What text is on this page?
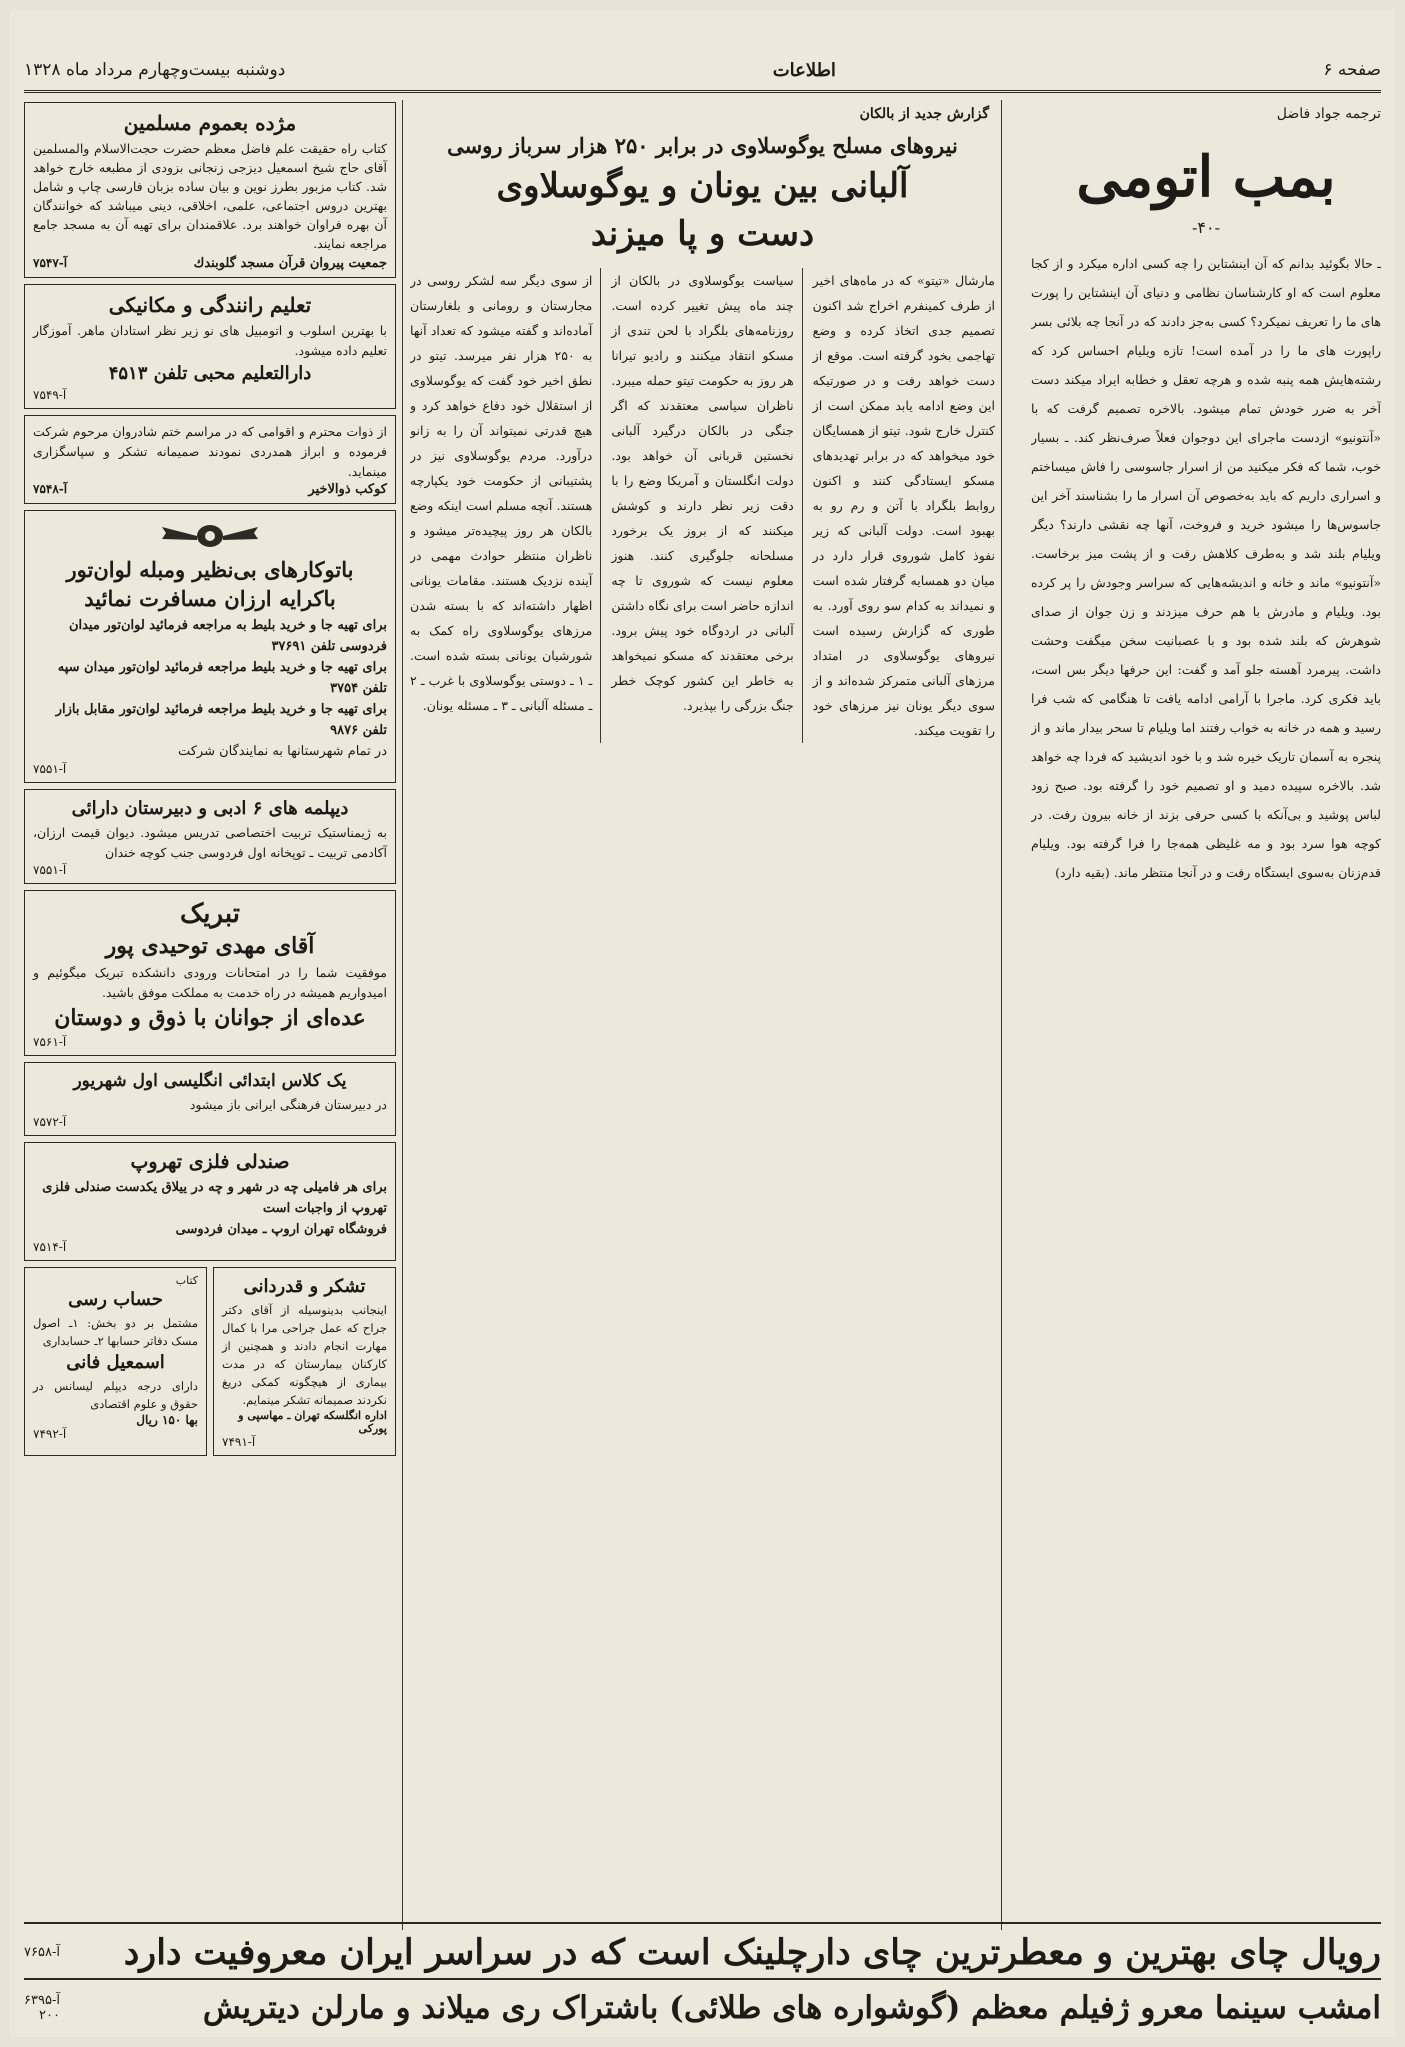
صفحه ۶
اطلاعات
دوشنبه بیست‌وچهارم مرداد ماه ۱۳۲۸
ترجمه جواد فاضل
بمب اتومی
-۴۰-
ـ حالا بگوئید بدانم که آن اینشتاین را چه کسی اداره میکرد و از کجا معلوم است که او کارشناسان نظامی و دنیای آن اینشتاین را پورت های ما را تعریف نمیکرد؟ کسی به‌جز دادند که در آنجا چه بلائی بسر راپورت های ما را در آمده است! تازه ویلیام احساس کرد که رشته‌هایش همه پنبه شده و هرچه تعقل و خطابه ایراد میکند دست آخر به ضرر خودش تمام میشود. بالاخره تصمیم گرفت که با «آنتونیو» ازدست ماجرای این دوجوان فعلاً صرف‌نظر کند. ـ بسیار خوب، شما که فکر میکنید من از اسرار جاسوسی را فاش میساختم و اسراری داریم که باید به‌خصوص آن اسرار ما را بشناسند آخر این جاسوس‌ها را میشود خرید و فروخت، آنها چه نقشی دارند؟ دیگر ویلیام بلند شد و به‌طرف کلاهش رفت و از پشت میز برخاست. «آنتونیو» ماند و خانه و اندیشه‌هایی که سراسر وجودش را پر کرده بود. ویلیام و مادرش با هم حرف میزدند و زن جوان از صدای شوهرش که بلند شده بود و با عصبانیت سخن میگفت وحشت داشت. پیرمرد آهسته جلو آمد و گفت: این حرفها دیگر بس است، باید فکری کرد. ماجرا با آرامی ادامه یافت تا هنگامی که شب فرا رسید و همه در خانه به خواب رفتند اما ویلیام تا سحر بیدار ماند و از پنجره به آسمان تاریک خیره شد و با خود اندیشید که فردا چه خواهد شد. بالاخره سپیده دمید و او تصمیم خود را گرفته بود. صبح زود لباس پوشید و بی‌آنکه با کسی حرفی بزند از خانه بیرون رفت. در کوچه هوا سرد بود و مه غلیظی همه‌جا را فرا گرفته بود. ویلیام قدم‌زنان به‌سوی ایستگاه رفت و در آنجا منتظر ماند. (بقیه دارد)
گزارش جدید از بالکان
نیروهای مسلح یوگوسلاوی در برابر ۲۵۰ هزار سرباز روسی
آلبانی بین یونان و یوگوسلاوی
دست و پا میزند
مارشال «تیتو» که در ماه‌های اخیر از طرف کمینفرم اخراج شد اکنون تصمیم جدی اتخاذ کرده و وضع تهاجمی بخود گرفته است. موقع از دست خواهد رفت و در صورتیکه این وضع ادامه یابد ممکن است از کنترل خارج شود. تیتو از همسایگان خود میخواهد که در برابر تهدیدهای مسکو ایستادگی کنند و اکنون روابط بلگراد با آتن و رم رو به بهبود است. دولت آلبانی که زیر نفوذ کامل شوروی قرار دارد در میان دو همسایه گرفتار شده است و نمیداند به کدام سو روی آورد. به طوری که گزارش رسیده است نیروهای یوگوسلاوی در امتداد مرزهای آلبانی متمرکز شده‌اند و از سوی دیگر یونان نیز مرزهای خود را تقویت میکند.
سیاست یوگوسلاوی در بالکان از چند ماه پیش تغییر کرده است. روزنامه‌های بلگراد با لحن تندی از مسکو انتقاد میکنند و رادیو تیرانا هر روز به حکومت تیتو حمله میبرد. ناظران سیاسی معتقدند که اگر جنگی در بالکان درگیرد آلبانی نخستین قربانی آن خواهد بود. دولت انگلستان و آمریکا وضع را با دقت زیر نظر دارند و کوشش میکنند که از بروز یک برخورد مسلحانه جلوگیری کنند. هنوز معلوم نیست که شوروی تا چه اندازه حاضر است برای نگاه داشتن آلبانی در اردوگاه خود پیش برود. برخی معتقدند که مسکو نمیخواهد به خاطر این کشور کوچک خطر جنگ بزرگی را بپذیرد.
از سوی دیگر سه لشکر روسی در مجارستان و رومانی و بلغارستان آماده‌اند و گفته میشود که تعداد آنها به ۲۵۰ هزار نفر میرسد. تیتو در نطق اخیر خود گفت که یوگوسلاوی از استقلال خود دفاع خواهد کرد و هیچ قدرتی نمیتواند آن را به زانو درآورد. مردم یوگوسلاوی نیز در پشتیبانی از حکومت خود یکپارچه هستند. آنچه مسلم است اینکه وضع بالکان هر روز پیچیده‌تر میشود و ناظران منتظر حوادث مهمی در آینده نزدیک هستند. مقامات یونانی اظهار داشته‌اند که با بسته شدن مرزهای یوگوسلاوی راه کمک به شورشیان یونانی بسته شده است. ـ ۱ ـ دوستی یوگوسلاوی با غرب ـ ۲ ـ مسئله آلبانی ـ ۳ ـ مسئله یونان.
مژده بعموم مسلمین
کتاب راه حقیقت علم فاضل معظم حضرت حجت‌الاسلام والمسلمین آقای حاج شیخ اسمعیل دیزجی زنجانی بزودی از مطبعه خارج خواهد شد. کتاب مزبور بطرز نوین و بیان ساده بزبان فارسی چاپ و شامل بهترین دروس اجتماعی، علمی، اخلاقی، دینی میباشد که خوانندگان آن بهره فراوان خواهند برد. علاقمندان برای تهیه آن به مسجد جامع مراجعه نمایند.
جمعیت پیروان قرآن مسجد گلوبندك
آ-۷۵۴۷
تعلیم رانندگی و مکانیکی
با بهترین اسلوب و اتومبیل های نو زیر نظر استادان ماهر. آموزگار تعلیم داده میشود.
دارالتعلیم محبی تلفن ۴۵۱۳
آ-۷۵۴۹
از ذوات محترم و اقوامی که در مراسم ختم شادروان مرحوم شرکت فرموده و ابراز همدردی نمودند صمیمانه تشکر و سپاسگزاری مینماید.
کوکب ذوالاخیر
آ-۷۵۴۸
باتوکارهای بی‌نظیر ومبله لوان‌تور
باکرایه ارزان مسافرت نمائید
برای تهیه جا و خرید بلیط به مراجعه فرمائید لوان‌تور میدان فردوسی تلفن ۳۷۶۹۱
برای تهیه جا و خرید بلیط مراجعه فرمائید لوان‌تور میدان سپه تلفن ۳۷۵۴
برای تهیه جا و خرید بلیط مراجعه فرمائید لوان‌تور مقابل بازار تلفن ۹۸۷۶
در تمام شهرستانها به نمایندگان شرکت
آ-۷۵۵۱
دیپلمه های ۶ ادبی و دبیرستان دارائی
به ژیمناستیک تربیت اختصاصی تدریس میشود. دیوان قیمت ارزان، آکادمی تربیت ـ توپخانه اول فردوسی جنب کوچه خندان
آ-۷۵۵۱
تبریک
آقای مهدی توحیدی پور
موفقیت شما را در امتحانات ورودی دانشکده تبریک میگوئیم و امیدواریم همیشه در راه خدمت به مملکت موفق باشید.
عده‌ای از جوانان با ذوق و دوستان
آ-۷۵۶۱
یک کلاس ابتدائی انگلیسی اول شهریور
در دبیرستان فرهنگی ایرانی باز میشود
آ-۷۵۷۲
صندلی فلزی تهروپ
برای هر فامیلی چه در شهر و چه در ییلاق یکدست صندلی فلزی تهروپ از واجبات است
فروشگاه تهران اروپ ـ میدان فردوسی
آ-۷۵۱۴
تشکر و قدردانی
اینجانب بدینوسیله از آقای دکتر جراح که عمل جراحی مرا با کمال مهارت انجام دادند و همچنین از کارکنان بیمارستان که در مدت بیماری از هیچگونه کمکی دریغ نکردند صمیمانه تشکر مینمایم.
اداره انگلسکه تهران ـ مهاسپی و پورکی
آ-۷۴۹۱
کتاب
حساب رسی
مشتمل بر دو بخش: ۱ـ اصول مسک دفاتر حسابها ۲ـ حسابداری
اسمعیل فانی
دارای درجه دیپلم لیسانس در حقوق و علوم اقتصادی
بها ۱۵۰ ریال
آ-۷۴۹۲
رویال چای بهترین و معطرترین چای دارچلینک است که در سراسر ایران معروفیت دارد
آ-۷۶۵۸
امشب سینما معرو ژفیلم معظم (گوشواره های طلائی) باشتراک ری میلاند و مارلن دیتریش
آ-۶۳۹۵
۲۰۰
